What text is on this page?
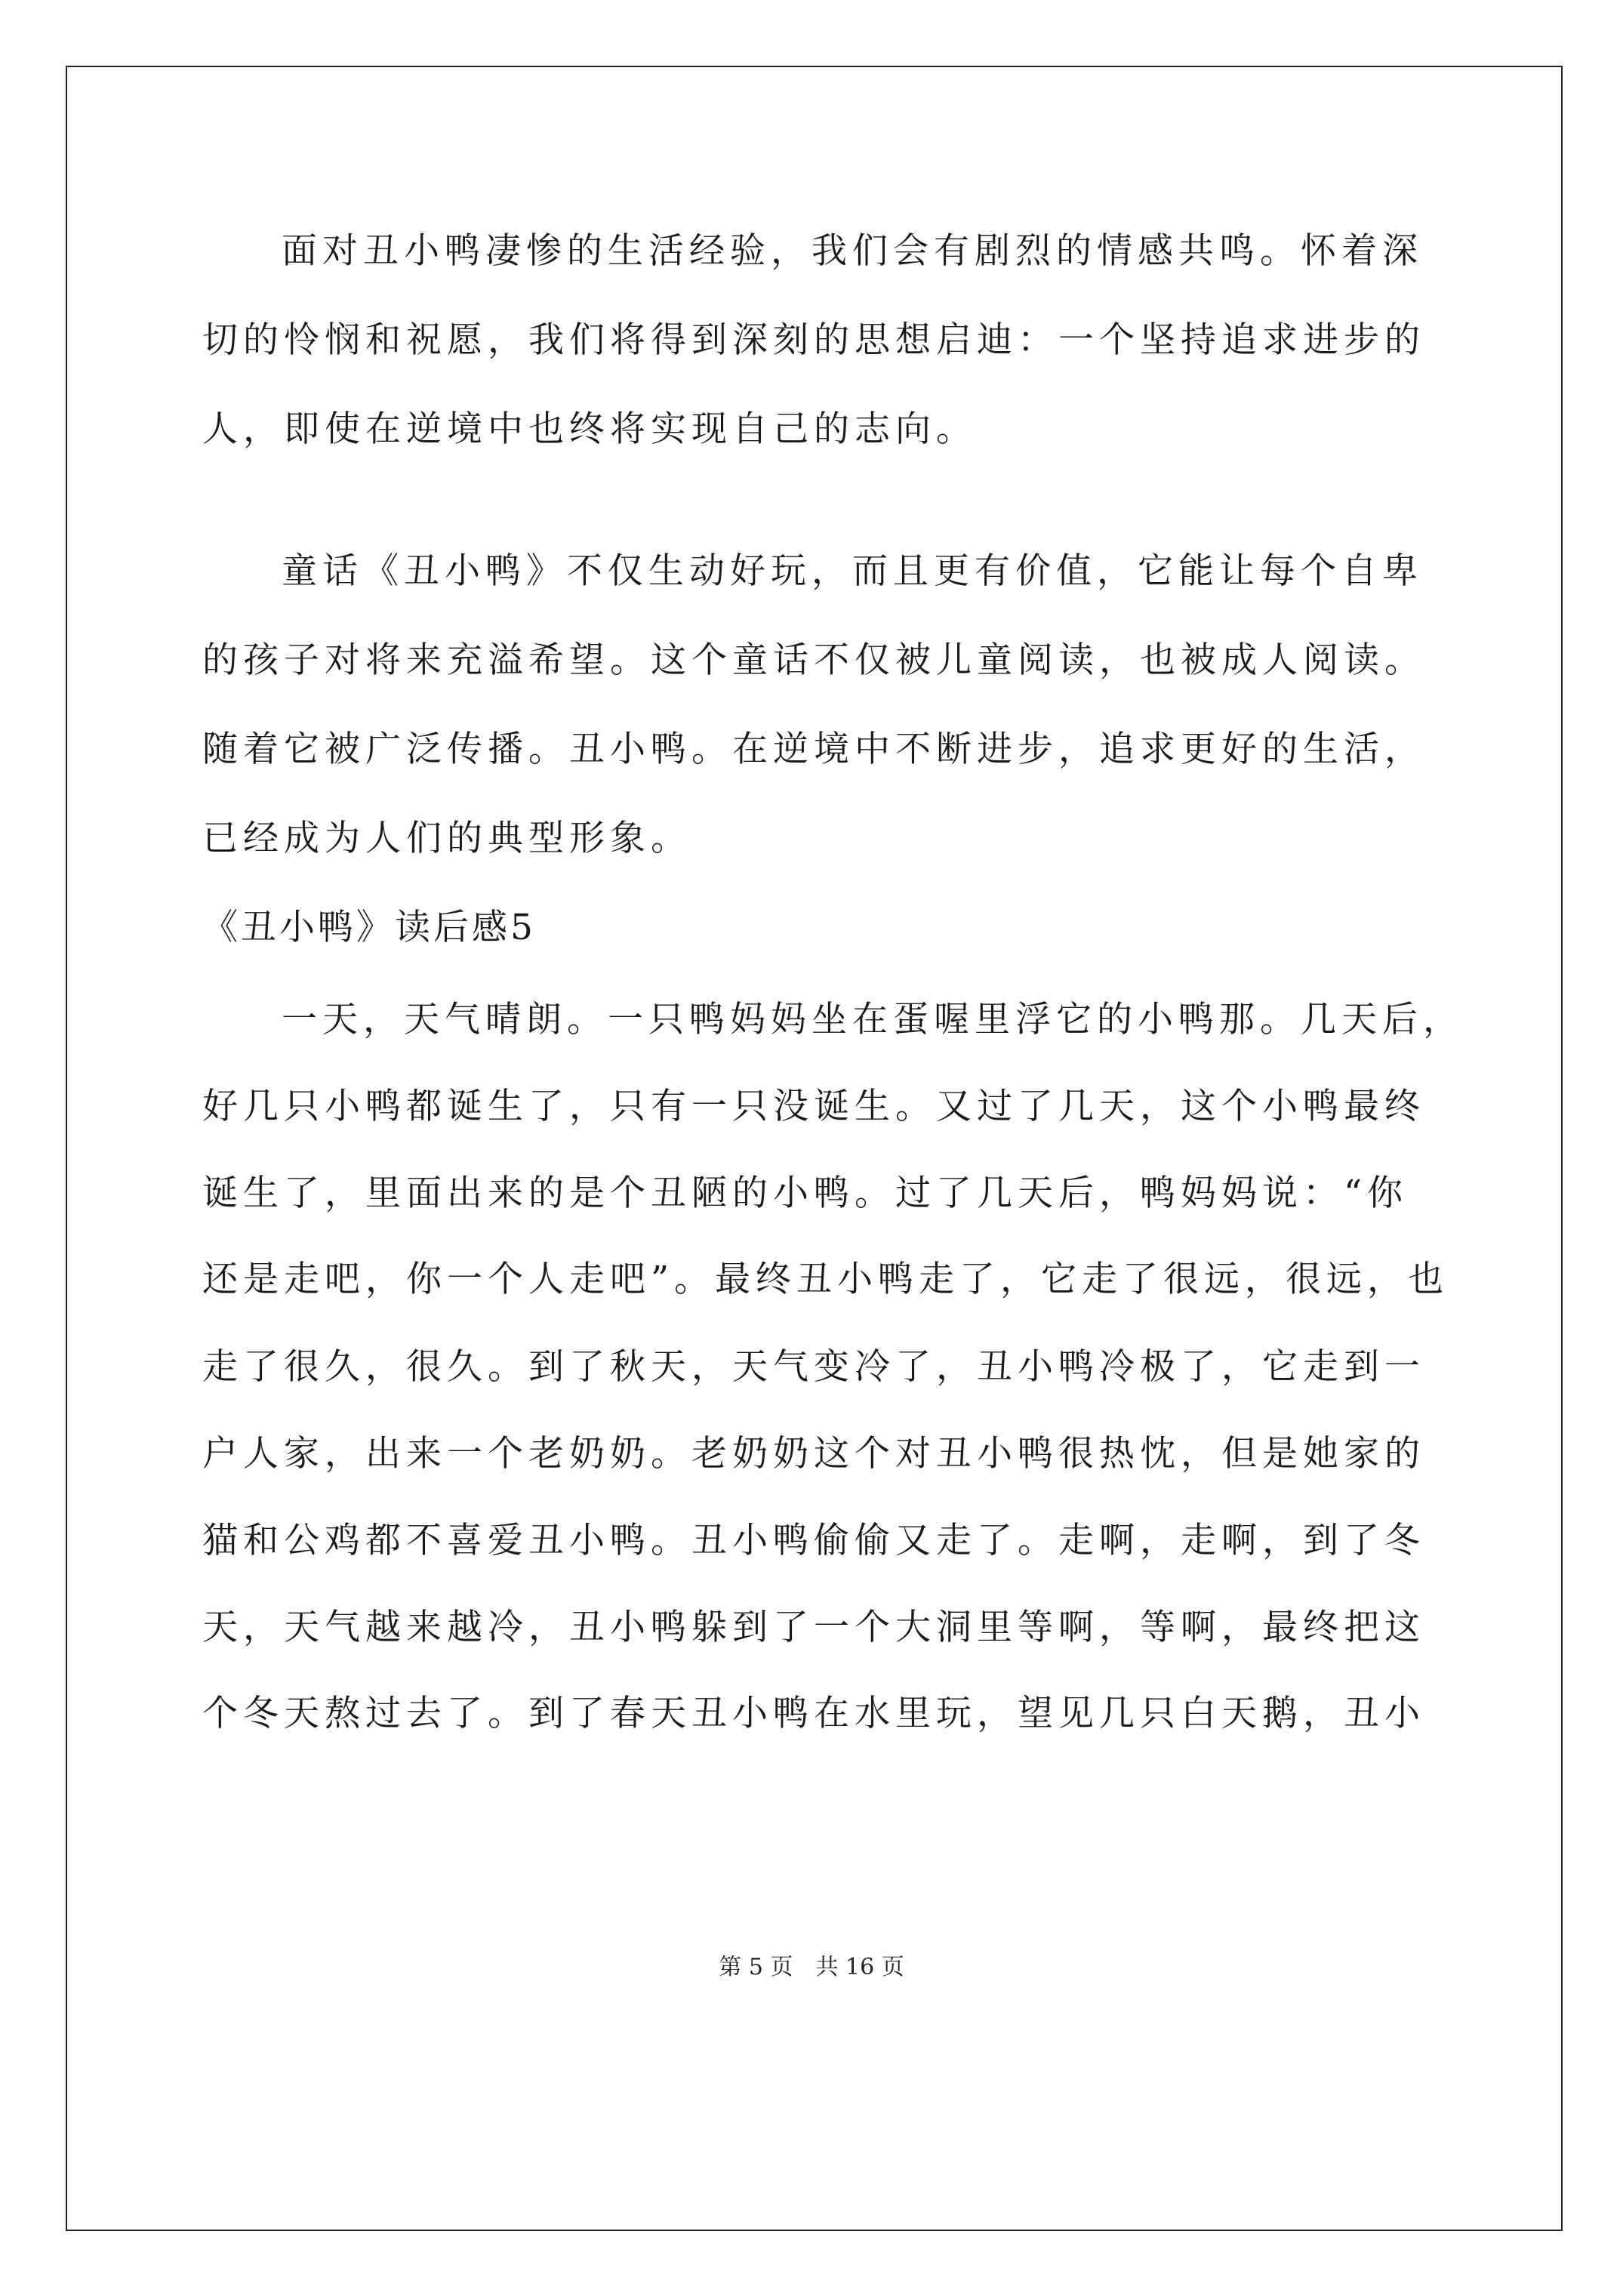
面对丑小鸭凄惨的生活经验，我们会有剧烈的情感共鸣。怀着深
切的怜悯和祝愿，我们将得到深刻的思想启迪：一个坚持追求进步的
人，即使在逆境中也终将实现自己的志向。
童话《丑小鸭》不仅生动好玩，而且更有价值，它能让每个自卑
的孩子对将来充溢希望。这个童话不仅被儿童阅读，也被成人阅读。
随着它被广泛传播。丑小鸭。在逆境中不断进步，追求更好的生活，
已经成为人们的典型形象。
《丑小鸭》读后感5
一天，天气晴朗。一只鸭妈妈坐在蛋喔里浮它的小鸭那。几天后，
好几只小鸭都诞生了，只有一只没诞生。又过了几天，这个小鸭最终
诞生了，里面出来的是个丑陋的小鸭。过了几天后，鸭妈妈说：“你
还是走吧，你一个人走吧”。最终丑小鸭走了，它走了很远，很远，也
走了很久，很久。到了秋天，天气变冷了，丑小鸭冷极了，它走到一
户人家，出来一个老奶奶。老奶奶这个对丑小鸭很热忱，但是她家的
猫和公鸡都不喜爱丑小鸭。丑小鸭偷偷又走了。走啊，走啊，到了冬
天，天气越来越冷，丑小鸭躲到了一个大洞里等啊，等啊，最终把这
个冬天熬过去了。到了春天丑小鸭在水里玩，望见几只白天鹅，丑小
第 5 页　共 16 页
